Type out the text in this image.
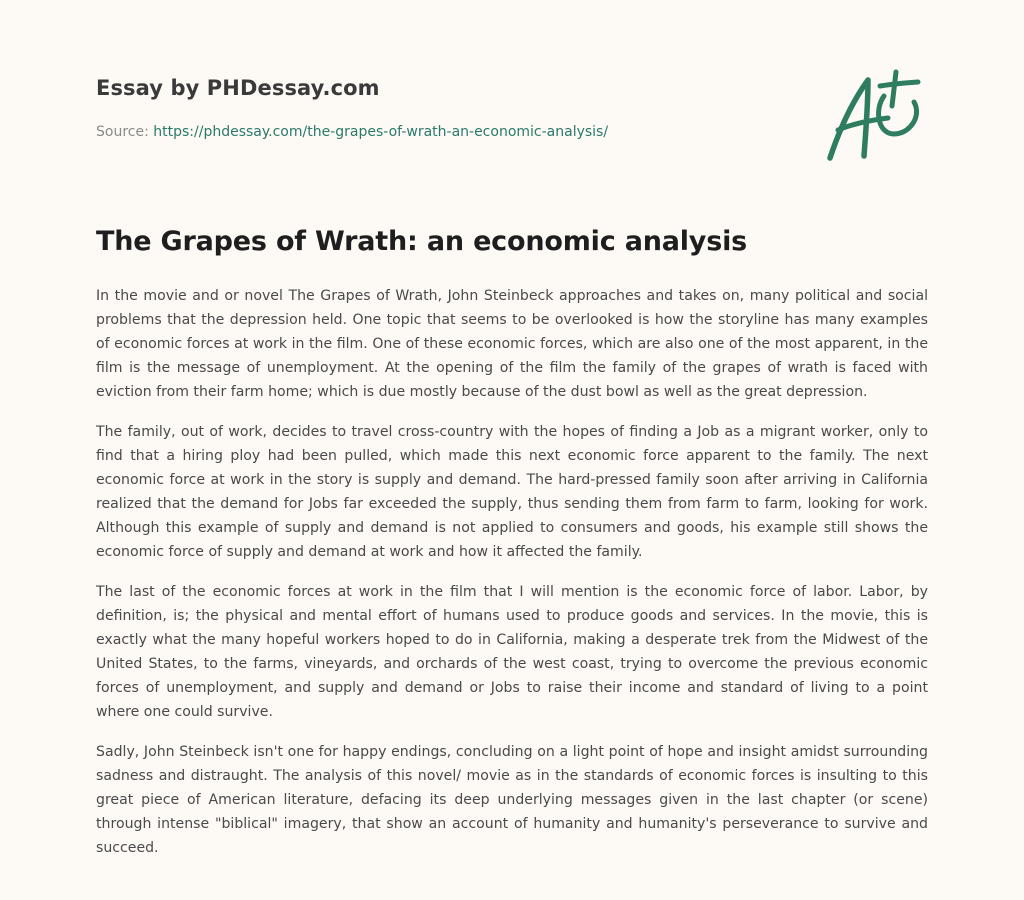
Essay by PHDessay.com
Source: https://phdessay.com/the-grapes-of-wrath-an-economic-analysis/
The Grapes of Wrath: an economic analysis

In the movie and or novel The Grapes of Wrath, John Steinbeck approaches and takes on, many political and social problems that the depression held. One topic that seems to be overlooked is how the storyline has many examples of economic forces at work in the film. One of these economic forces, which are also one of the most apparent, in the film is the message of unemployment. At the opening of the film the family of the grapes of wrath is faced with eviction from their farm home; which is due mostly because of the dust bowl as well as the great depression.

The family, out of work, decides to travel cross-country with the hopes of finding a Job as a migrant worker, only to find that a hiring ploy had been pulled, which made this next economic force apparent to the family. The next economic force at work in the story is supply and demand. The hard-pressed family soon after arriving in California realized that the demand for Jobs far exceeded the supply, thus sending them from farm to farm, looking for work. Although this example of supply and demand is not applied to consumers and goods, his example still shows the economic force of supply and demand at work and how it affected the family.

The last of the economic forces at work in the film that I will mention is the economic force of labor. Labor, by definition, is; the physical and mental effort of humans used to produce goods and services. In the movie, this is exactly what the many hopeful workers hoped to do in California, making a desperate trek from the Midwest of the United States, to the farms, vineyards, and orchards of the west coast, trying to overcome the previous economic forces of unemployment, and supply and demand or Jobs to raise their income and standard of living to a point where one could survive.

Sadly, John Steinbeck isn't one for happy endings, concluding on a light point of hope and insight amidst surrounding sadness and distraught. The analysis of this novel/ movie as in the standards of economic forces is insulting to this great piece of American literature, defacing its deep underlying messages given in the last chapter (or scene) through intense "biblical" imagery, that show an account of humanity and humanity's perseverance to survive and succeed.
